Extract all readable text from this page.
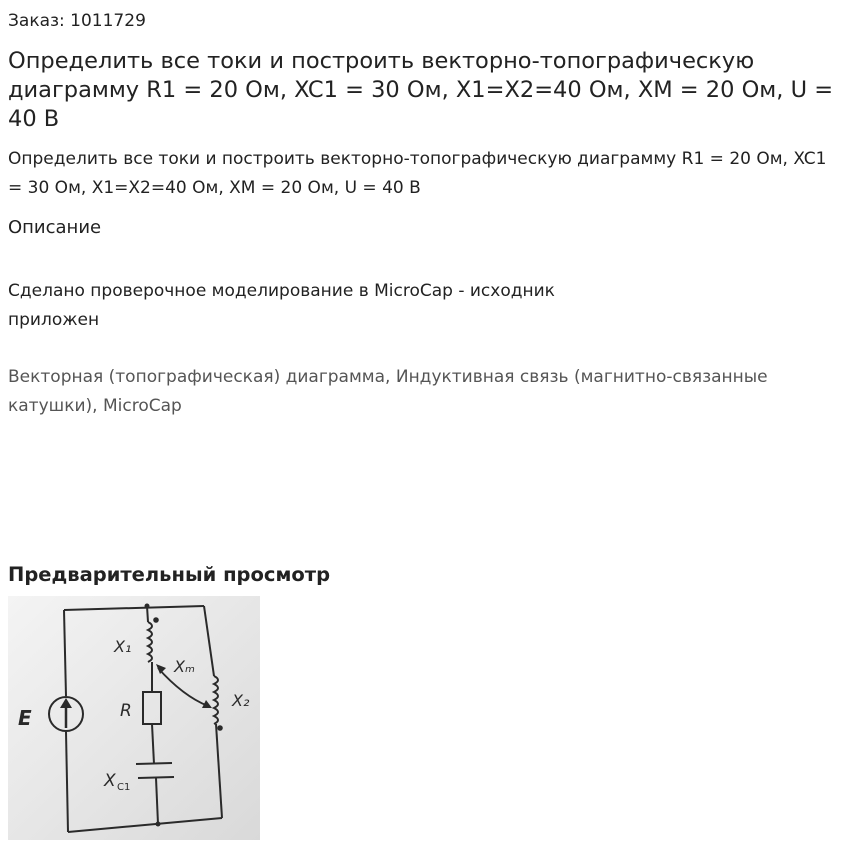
Заказ: 1011729
Определить все токи и построить векторно-топографическую диаграмму R1 = 20 Ом, XC1 = 30 Ом, X1=X2=40 Ом, XM = 20 Ом, U = 40 В
Определить все токи и построить векторно-топографическую диаграмму R1 = 20 Ом, XC1 = 30 Ом, X1=X2=40 Ом, XM = 20 Ом, U = 40 В
Описание
Сделано проверочное моделирование в MicroCap - исходник приложен
Векторная (топографическая) диаграмма, Индуктивная связь (магнитно-связанные катушки), MicroCap
Предварительный просмотр
E
X₁
Xₘ
X₂
R
X C1
